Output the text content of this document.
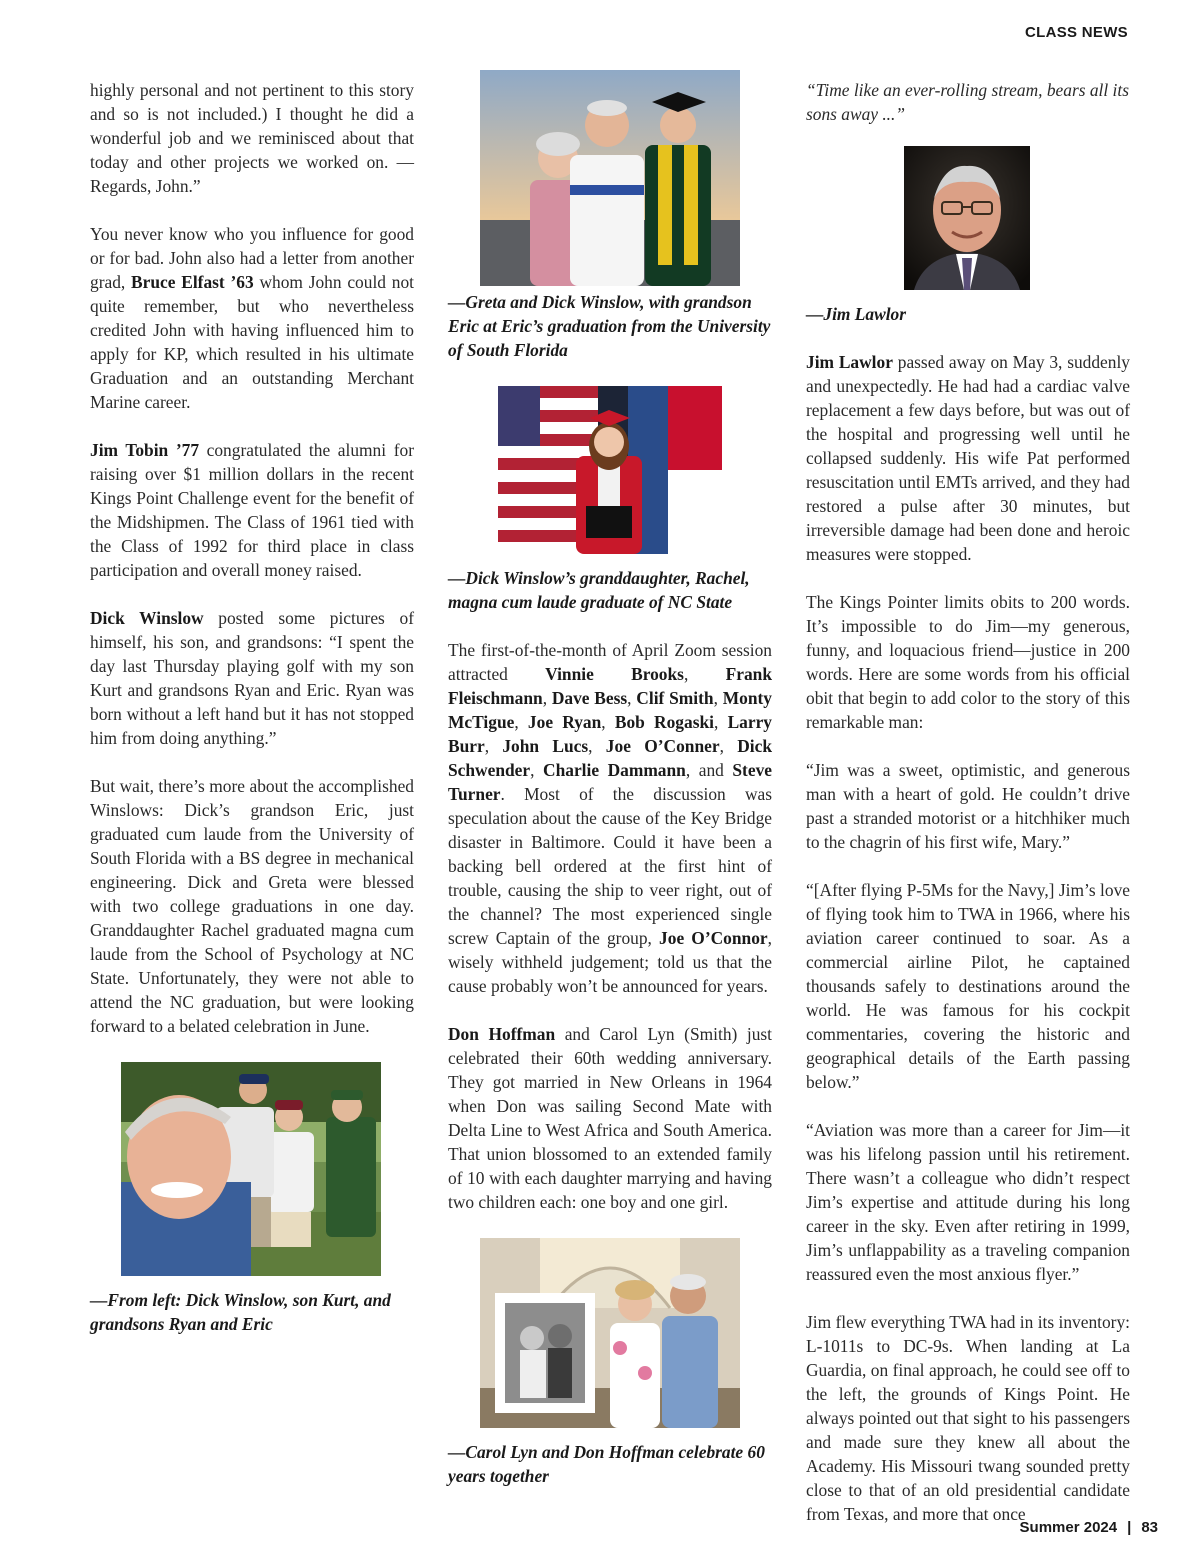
CLASS NEWS

highly personal and not pertinent to this story and so is not included.) I thought he did a wonderful job and we reminisced about that today and other projects we worked on. —Regards, John.”

You never know who you influence for good or for bad. John also had a letter from another grad, Bruce Elfast ’63 whom John could not quite remember, but who nevertheless credited John with having influenced him to apply for KP, which resulted in his ultimate Graduation and an outstanding Merchant Marine career.

Jim Tobin ’77 congratulated the alumni for raising over $1 million dollars in the recent Kings Point Challenge event for the benefit of the Midshipmen. The Class of 1961 tied with the Class of 1992 for third place in class participation and overall money raised.

Dick Winslow posted some pictures of himself, his son, and grandsons: “I spent the day last Thursday playing golf with my son Kurt and grandsons Ryan and Eric. Ryan was born without a left hand but it has not stopped him from doing anything.”

But wait, there’s more about the accomplished Winslows: Dick’s grandson Eric, just graduated cum laude from the University of South Florida with a BS degree in mechanical engineering. Dick and Greta were blessed with two college graduations in one day. Granddaughter Rachel graduated magna cum laude from the School of Psychology at NC State. Unfortunately, they were not able to attend the NC graduation, but were looking forward to a belated celebration in June.

—From left: Dick Winslow, son Kurt, and grandsons Ryan and Eric

—Greta and Dick Winslow, with grandson Eric at Eric’s graduation from the University of South Florida

—Dick Winslow’s granddaughter, Rachel, magna cum laude graduate of NC State

The first-of-the-month of April Zoom session attracted Vinnie Brooks, Frank Fleischmann, Dave Bess, Clif Smith, Monty McTigue, Joe Ryan, Bob Rogaski, Larry Burr, John Lucs, Joe O’Conner, Dick Schwender, Charlie Dammann, and Steve Turner. Most of the discussion was speculation about the cause of the Key Bridge disaster in Baltimore. Could it have been a backing bell ordered at the first hint of trouble, causing the ship to veer right, out of the channel? The most experienced single screw Captain of the group, Joe O’Connor, wisely withheld judgement; told us that the cause probably won’t be announced for years.

Don Hoffman and Carol Lyn (Smith) just celebrated their 60th wedding anniversary. They got married in New Orleans in 1964 when Don was sailing Second Mate with Delta Line to West Africa and South America. That union blossomed to an extended family of 10 with each daughter marrying and having two children each: one boy and one girl.

—Carol Lyn and Don Hoffman celebrate 60 years together

“Time like an ever-rolling stream, bears all its sons away ...”

—Jim Lawlor

Jim Lawlor passed away on May 3, suddenly and unexpectedly. He had had a cardiac valve replacement a few days before, but was out of the hospital and progressing well until he collapsed suddenly. His wife Pat performed resuscitation until EMTs arrived, and they had restored a pulse after 30 minutes, but irreversible damage had been done and heroic measures were stopped.

The Kings Pointer limits obits to 200 words. It’s impossible to do Jim—my generous, funny, and loquacious friend—justice in 200 words. Here are some words from his official obit that begin to add color to the story of this remarkable man:

“Jim was a sweet, optimistic, and generous man with a heart of gold. He couldn’t drive past a stranded motorist or a hitchhiker much to the chagrin of his first wife, Mary.”

“[After flying P-5Ms for the Navy,] Jim’s love of flying took him to TWA in 1966, where his aviation career continued to soar. As a commercial airline Pilot, he captained thousands safely to destinations around the world. He was famous for his cockpit commentaries, covering the historic and geographical details of the Earth passing below.”

“Aviation was more than a career for Jim—it was his lifelong passion until his retirement. There wasn’t a colleague who didn’t respect Jim’s expertise and attitude during his long career in the sky. Even after retiring in 1999, Jim’s unflappability as a traveling companion reassured even the most anxious flyer.”

Jim flew everything TWA had in its inventory: L-1011s to DC-9s. When landing at La Guardia, on final approach, he could see off to the left, the grounds of Kings Point. He always pointed out that sight to his passengers and made sure they knew all about the Academy. His Missouri twang sounded pretty close to that of an old presidential candidate from Texas, and more that once

Summer 2024 | 83
